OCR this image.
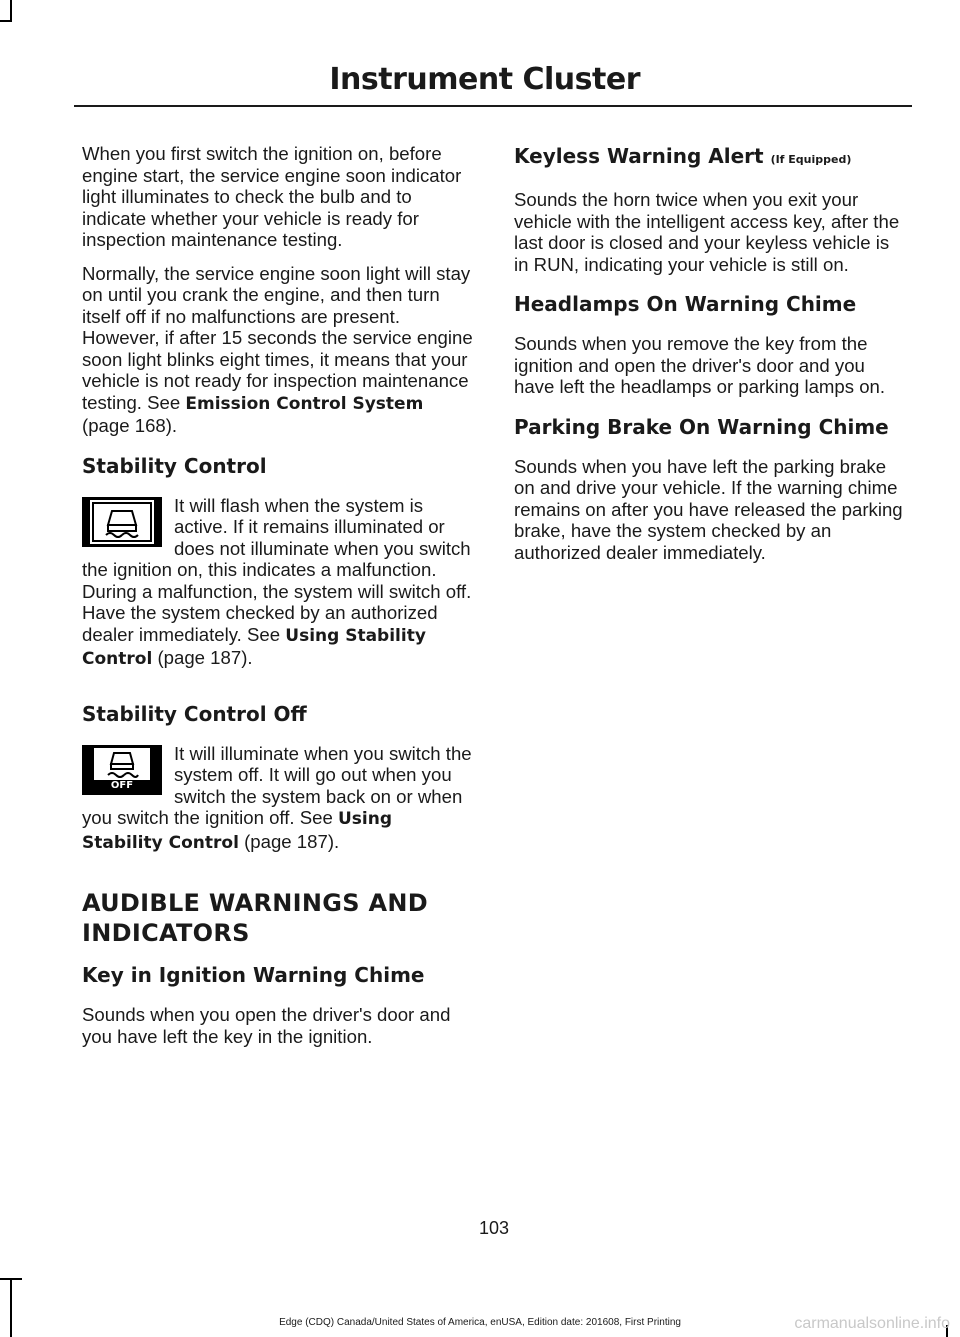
Instrument Cluster

When you first switch the ignition on, before engine start, the service engine soon indicator light illuminates to check the bulb and to indicate whether your vehicle is ready for inspection maintenance testing.

Normally, the service engine soon light will stay on until you crank the engine, and then turn itself off if no malfunctions are present. However, if after 15 seconds the service engine soon light blinks eight times, it means that your vehicle is not ready for inspection maintenance testing. See Emission Control System (page 168).

Stability Control

It will flash when the system is active. If it remains illuminated or does not illuminate when you switch the ignition on, this indicates a malfunction. During a malfunction, the system will switch off. Have the system checked by an authorized dealer immediately. See Using Stability Control (page 187).

Stability Control Off
OFF

It will illuminate when you switch the system off. It will go out when you switch the system back on or when you switch the ignition off. See Using Stability Control (page 187).

AUDIBLE WARNINGS AND
INDICATORS
Key in Ignition Warning Chime

Sounds when you open the driver's door and you have left the key in the ignition.

Keyless Warning Alert (If Equipped)

Sounds the horn twice when you exit your vehicle with the intelligent access key, after the last door is closed and your keyless vehicle is in RUN, indicating your vehicle is still on.

Headlamps On Warning Chime

Sounds when you remove the key from the ignition and open the driver's door and you have left the headlamps or parking lamps on.

Parking Brake On Warning Chime

Sounds when you have left the parking brake on and drive your vehicle. If the warning chime remains on after you have released the parking brake, have the system checked by an authorized dealer immediately.

103
Edge (CDQ) Canada/United States of America, enUSA, Edition date: 201608, First Printing	carmanualsonline.info
